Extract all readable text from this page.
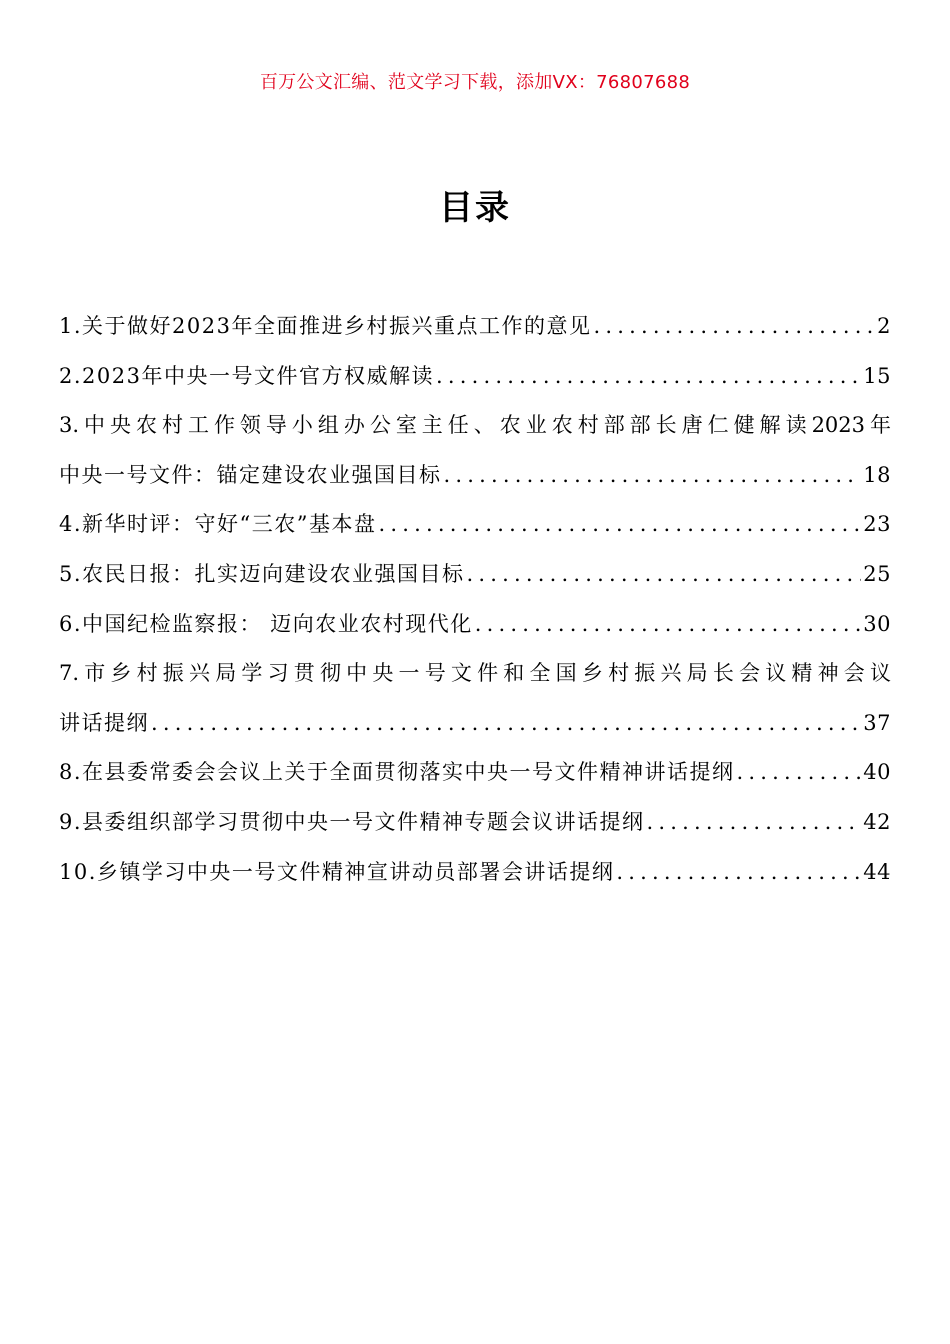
百万公文汇编、范文学习下载，添加VX：76807688
目录
1.关于做好2023年全面推进乡村振兴重点工作的意见 .....	2
2.2023年中央一号文件官方权威解读 .....	15
3.中央农村工作领导小组办公室主任、农业农村部部长唐仁健解读2023年
中央一号文件：锚定建设农业强国目标 .....	18
4.新华时评：守好“三农”基本盘 .....	23
5.农民日报：扎实迈向建设农业强国目标 .....	25
6.中国纪检监察报： 迈向农业农村现代化 .....	30
7.市乡村振兴局学习贯彻中央一号文件和全国乡村振兴局长会议精神会议
讲话提纲 .....	37
8.在县委常委会会议上关于全面贯彻落实中央一号文件精神讲话提纲 .....	40
9.县委组织部学习贯彻中央一号文件精神专题会议讲话提纲 .....	42
10.乡镇学习中央一号文件精神宣讲动员部署会讲话提纲 .....	44
